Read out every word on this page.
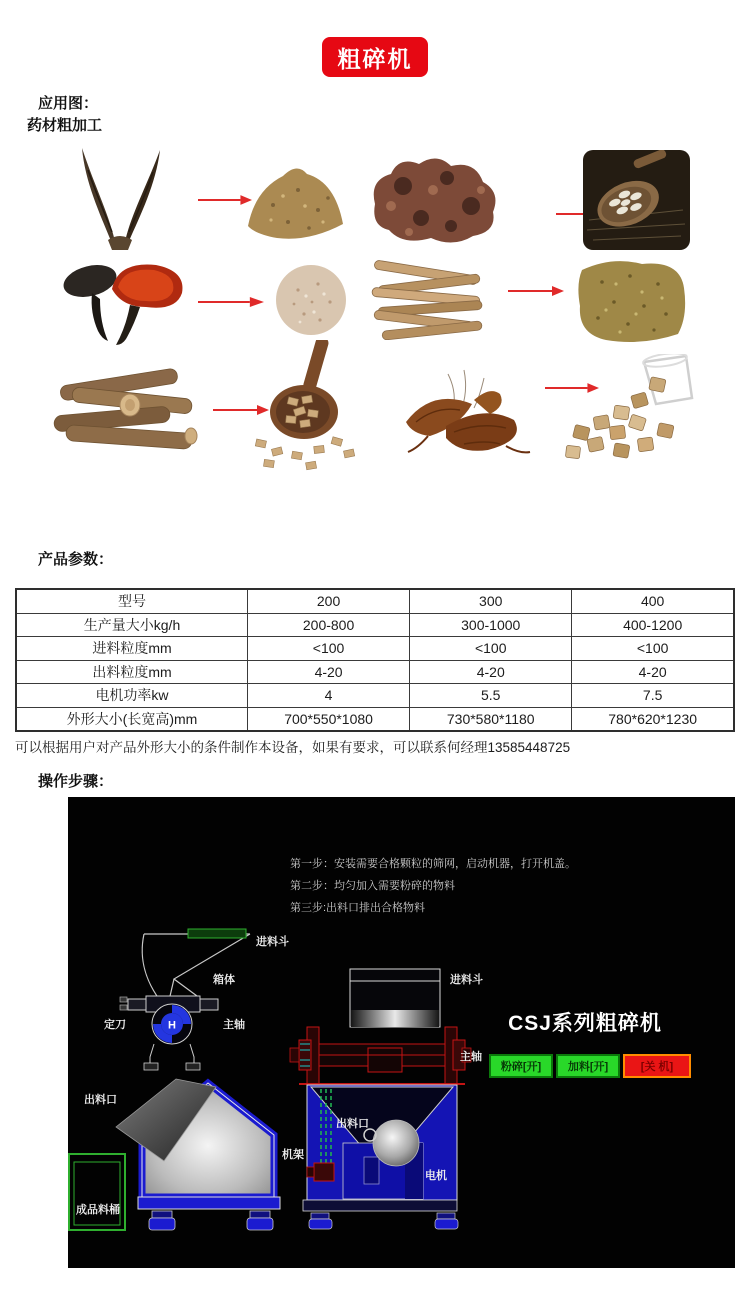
粗碎机
应用图：
药材粗加工
产品参数：
型号	200	300	400
生产量大小kg/h	200-800	300-1000	400-1200
进料粒度mm	<100	<100	<100
出料粒度mm	4-20	4-20	4-20
电机功率kw	4	5.5	7.5
外形大小(长宽高)mm	700*550*1080	730*580*1180	780*620*1230
可以根据用户对产品外形大小的条件制作本设备，如果有要求，可以联系何经理13585448725
操作步骤：
第一步：安装需要合格颗粒的筛网，启动机器，打开机盖。
第二步：均匀加入需要粉碎的物料
第三步:出料口排出合格物料
H
进料斗
箱体
定刀	主轴
出料口
成品料桶
机架
进料斗
主轴
出料口
电机
CSJ系列粗碎机
粉碎[开] 加料[开]	[关 机]
